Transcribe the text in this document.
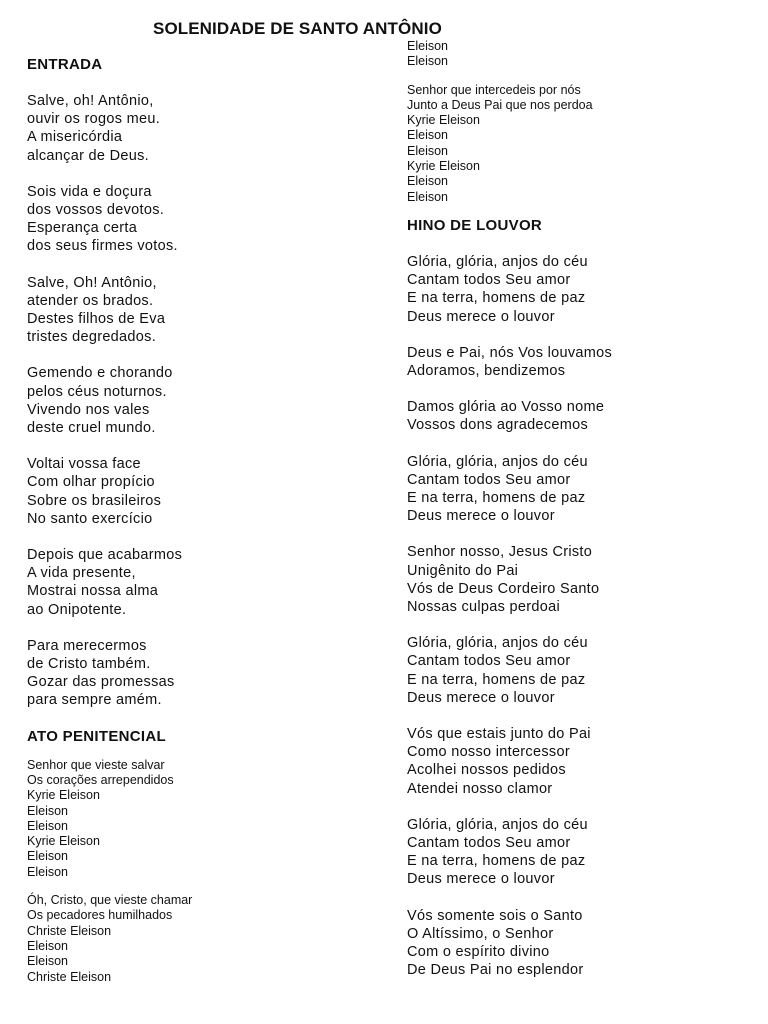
SOLENIDADE DE SANTO ANTÔNIO
ENTRADA
Salve, oh! Antônio,
ouvir os rogos meu.
A misericórdia
alcançar de Deus.
Sois vida e doçura
dos vossos devotos.
Esperança certa
dos seus firmes votos.
Salve, Oh! Antônio,
atender os brados.
Destes filhos de Eva
tristes degredados.
Gemendo e chorando
pelos céus noturnos.
Vivendo nos vales
deste cruel mundo.
Voltai vossa face
Com olhar propício
Sobre os brasileiros
No santo exercício
Depois que acabarmos
A vida presente,
Mostrai nossa alma
ao Onipotente.
Para merecermos
de Cristo também.
Gozar das promessas
para sempre amém.
ATO PENITENCIAL
Senhor que vieste salvar
Os corações arrependidos
Kyrie Eleison
Eleison
Eleison
Kyrie Eleison
Eleison
Eleison
Óh, Cristo, que vieste chamar
Os pecadores humilhados
Christe Eleison
Eleison
Eleison
Christe Eleison
Eleison
Eleison
Senhor que intercedeis por nós
Junto a Deus Pai que nos perdoa
Kyrie Eleison
Eleison
Eleison
Kyrie Eleison
Eleison
Eleison
HINO DE LOUVOR
Glória, glória, anjos do céu
Cantam todos Seu amor
E na terra, homens de paz
Deus merece o louvor
Deus e Pai, nós Vos louvamos
Adoramos, bendizemos
Damos glória ao Vosso nome
Vossos dons agradecemos
Glória, glória, anjos do céu
Cantam todos Seu amor
E na terra, homens de paz
Deus merece o louvor
Senhor nosso, Jesus Cristo
Unigênito do Pai
Vós de Deus Cordeiro Santo
Nossas culpas perdoai
Glória, glória, anjos do céu
Cantam todos Seu amor
E na terra, homens de paz
Deus merece o louvor
Vós que estais junto do Pai
Como nosso intercessor
Acolhei nossos pedidos
Atendei nosso clamor
Glória, glória, anjos do céu
Cantam todos Seu amor
E na terra, homens de paz
Deus merece o louvor
Vós somente sois o Santo
O Altíssimo, o Senhor
Com o espírito divino
De Deus Pai no esplendor
